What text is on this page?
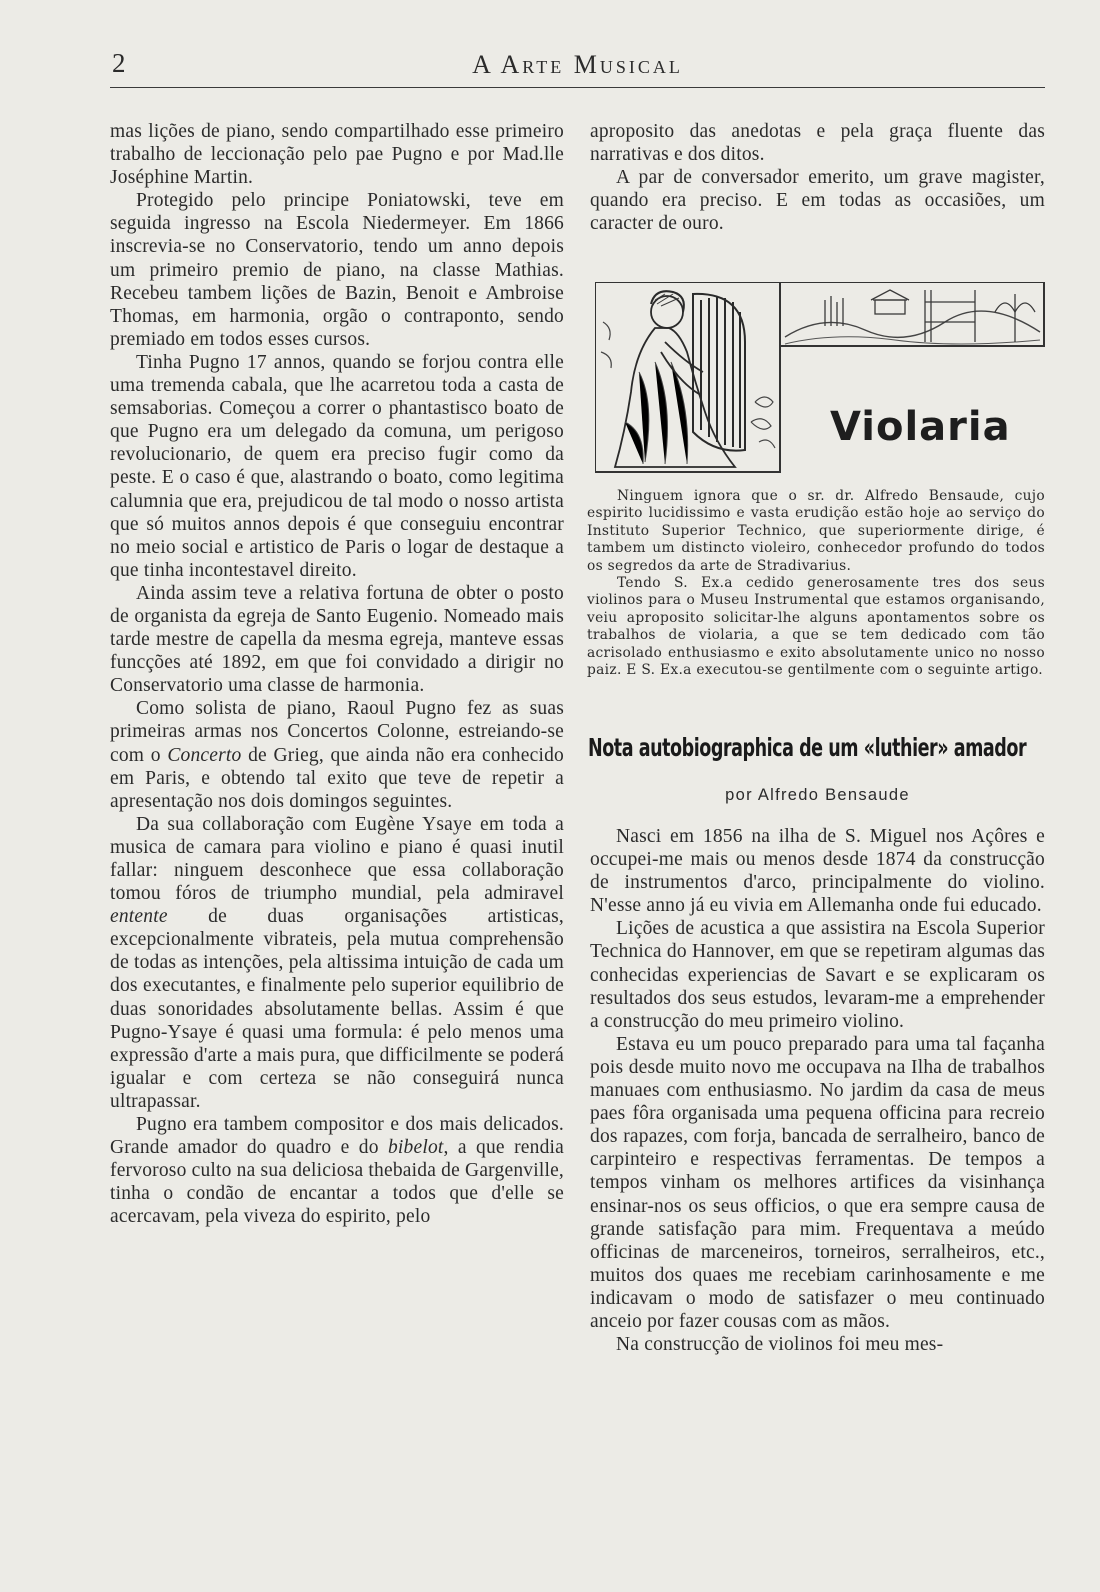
2	A Arte Musical

mas lições de piano, sendo compartilhado esse primeiro trabalho de leccionação pelo pae Pugno e por Mad.lle Joséphine Martin.

Protegido pelo principe Poniatowski, teve em seguida ingresso na Escola Niedermeyer. Em 1866 inscrevia-se no Conservatorio, tendo um anno depois um primeiro premio de piano, na classe Mathias. Recebeu tambem lições de Bazin, Benoit e Ambroise Thomas, em harmonia, orgão o contraponto, sendo premiado em todos esses cursos.

Tinha Pugno 17 annos, quando se forjou contra elle uma tremenda cabala, que lhe acarretou toda a casta de semsaborias. Começou a correr o phantastisco boato de que Pugno era um delegado da comuna, um perigoso revolucionario, de quem era preciso fugir como da peste. E o caso é que, alastrando o boato, como legitima calumnia que era, prejudicou de tal modo o nosso artista que só muitos annos depois é que conseguiu encontrar no meio social e artistico de Paris o logar de destaque a que tinha incontestavel direito.

Ainda assim teve a relativa fortuna de obter o posto de organista da egreja de Santo Eugenio. Nomeado mais tarde mestre de capella da mesma egreja, manteve essas funcções até 1892, em que foi convidado a dirigir no Conservatorio uma classe de harmonia.

Como solista de piano, Raoul Pugno fez as suas primeiras armas nos Concertos Colonne, estreiando-se com o Concerto de Grieg, que ainda não era conhecido em Paris, e obtendo tal exito que teve de repetir a apresentação nos dois domingos seguintes.

Da sua collaboração com Eugène Ysaye em toda a musica de camara para violino e piano é quasi inutil fallar: ninguem desconhece que essa collaboração tomou fóros de triumpho mundial, pela admiravel entente de duas organisações artisticas, excepcionalmente vibrateis, pela mutua comprehensão de todas as intenções, pela altissima intuição de cada um dos executantes, e finalmente pelo superior equilibrio de duas sonoridades absolutamente bellas. Assim é que Pugno-Ysaye é quasi uma formula: é pelo menos uma expressão d'arte a mais pura, que difficilmente se poderá igualar e com certeza se não conseguirá nunca ultrapassar.

Pugno era tambem compositor e dos mais delicados. Grande amador do quadro e do bibelot, a que rendia fervoroso culto na sua deliciosa thebaida de Gargenville, tinha o condão de encantar a todos que d'elle se acercavam, pela viveza do espirito, pelo

aproposito das anedotas e pela graça fluente das narrativas e dos ditos.

A par de conversador emerito, um grave magister, quando era preciso. E em todas as occasiões, um caracter de ouro.

Violaria

Ninguem ignora que o sr. dr. Alfredo Bensaude, cujo espirito lucidissimo e vasta erudição estão hoje ao serviço do Instituto Superior Technico, que superiormente dirige, é tambem um distincto violeiro, conhecedor profundo do todos os segredos da arte de Stradivarius.

Tendo S. Ex.a cedido generosamente tres dos seus violinos para o Museu Instrumental que estamos organisando, veiu aproposito solicitar-lhe alguns apontamentos sobre os trabalhos de violaria, a que se tem dedicado com tão acrisolado enthusiasmo e exito absolutamente unico no nosso paiz. E S. Ex.a executou-se gentilmente com o seguinte artigo.

Nota autobiographica de um «luthier» amador
por Alfredo Bensaude

Nasci em 1856 na ilha de S. Miguel nos Açôres e occupei-me mais ou menos desde 1874 da construcção de instrumentos d'arco, principalmente do violino. N'esse anno já eu vivia em Allemanha onde fui educado.

Lições de acustica a que assistira na Escola Superior Technica do Hannover, em que se repetiram algumas das conhecidas experiencias de Savart e se explicaram os resultados dos seus estudos, levaram-me a emprehender a construcção do meu primeiro violino.

Estava eu um pouco preparado para uma tal façanha pois desde muito novo me occupava na Ilha de trabalhos manuaes com enthusiasmo. No jardim da casa de meus paes fôra organisada uma pequena officina para recreio dos rapazes, com forja, bancada de serralheiro, banco de carpinteiro e respectivas ferramentas. De tempos a tempos vinham os melhores artifices da visinhança ensinar-nos os seus officios, o que era sempre causa de grande satisfação para mim. Frequentava a meúdo officinas de marceneiros, torneiros, serralheiros, etc., muitos dos quaes me recebiam carinhosamente e me indicavam o modo de satisfazer o meu continuado anceio por fazer cousas com as mãos.

Na construcção de violinos foi meu mes-
